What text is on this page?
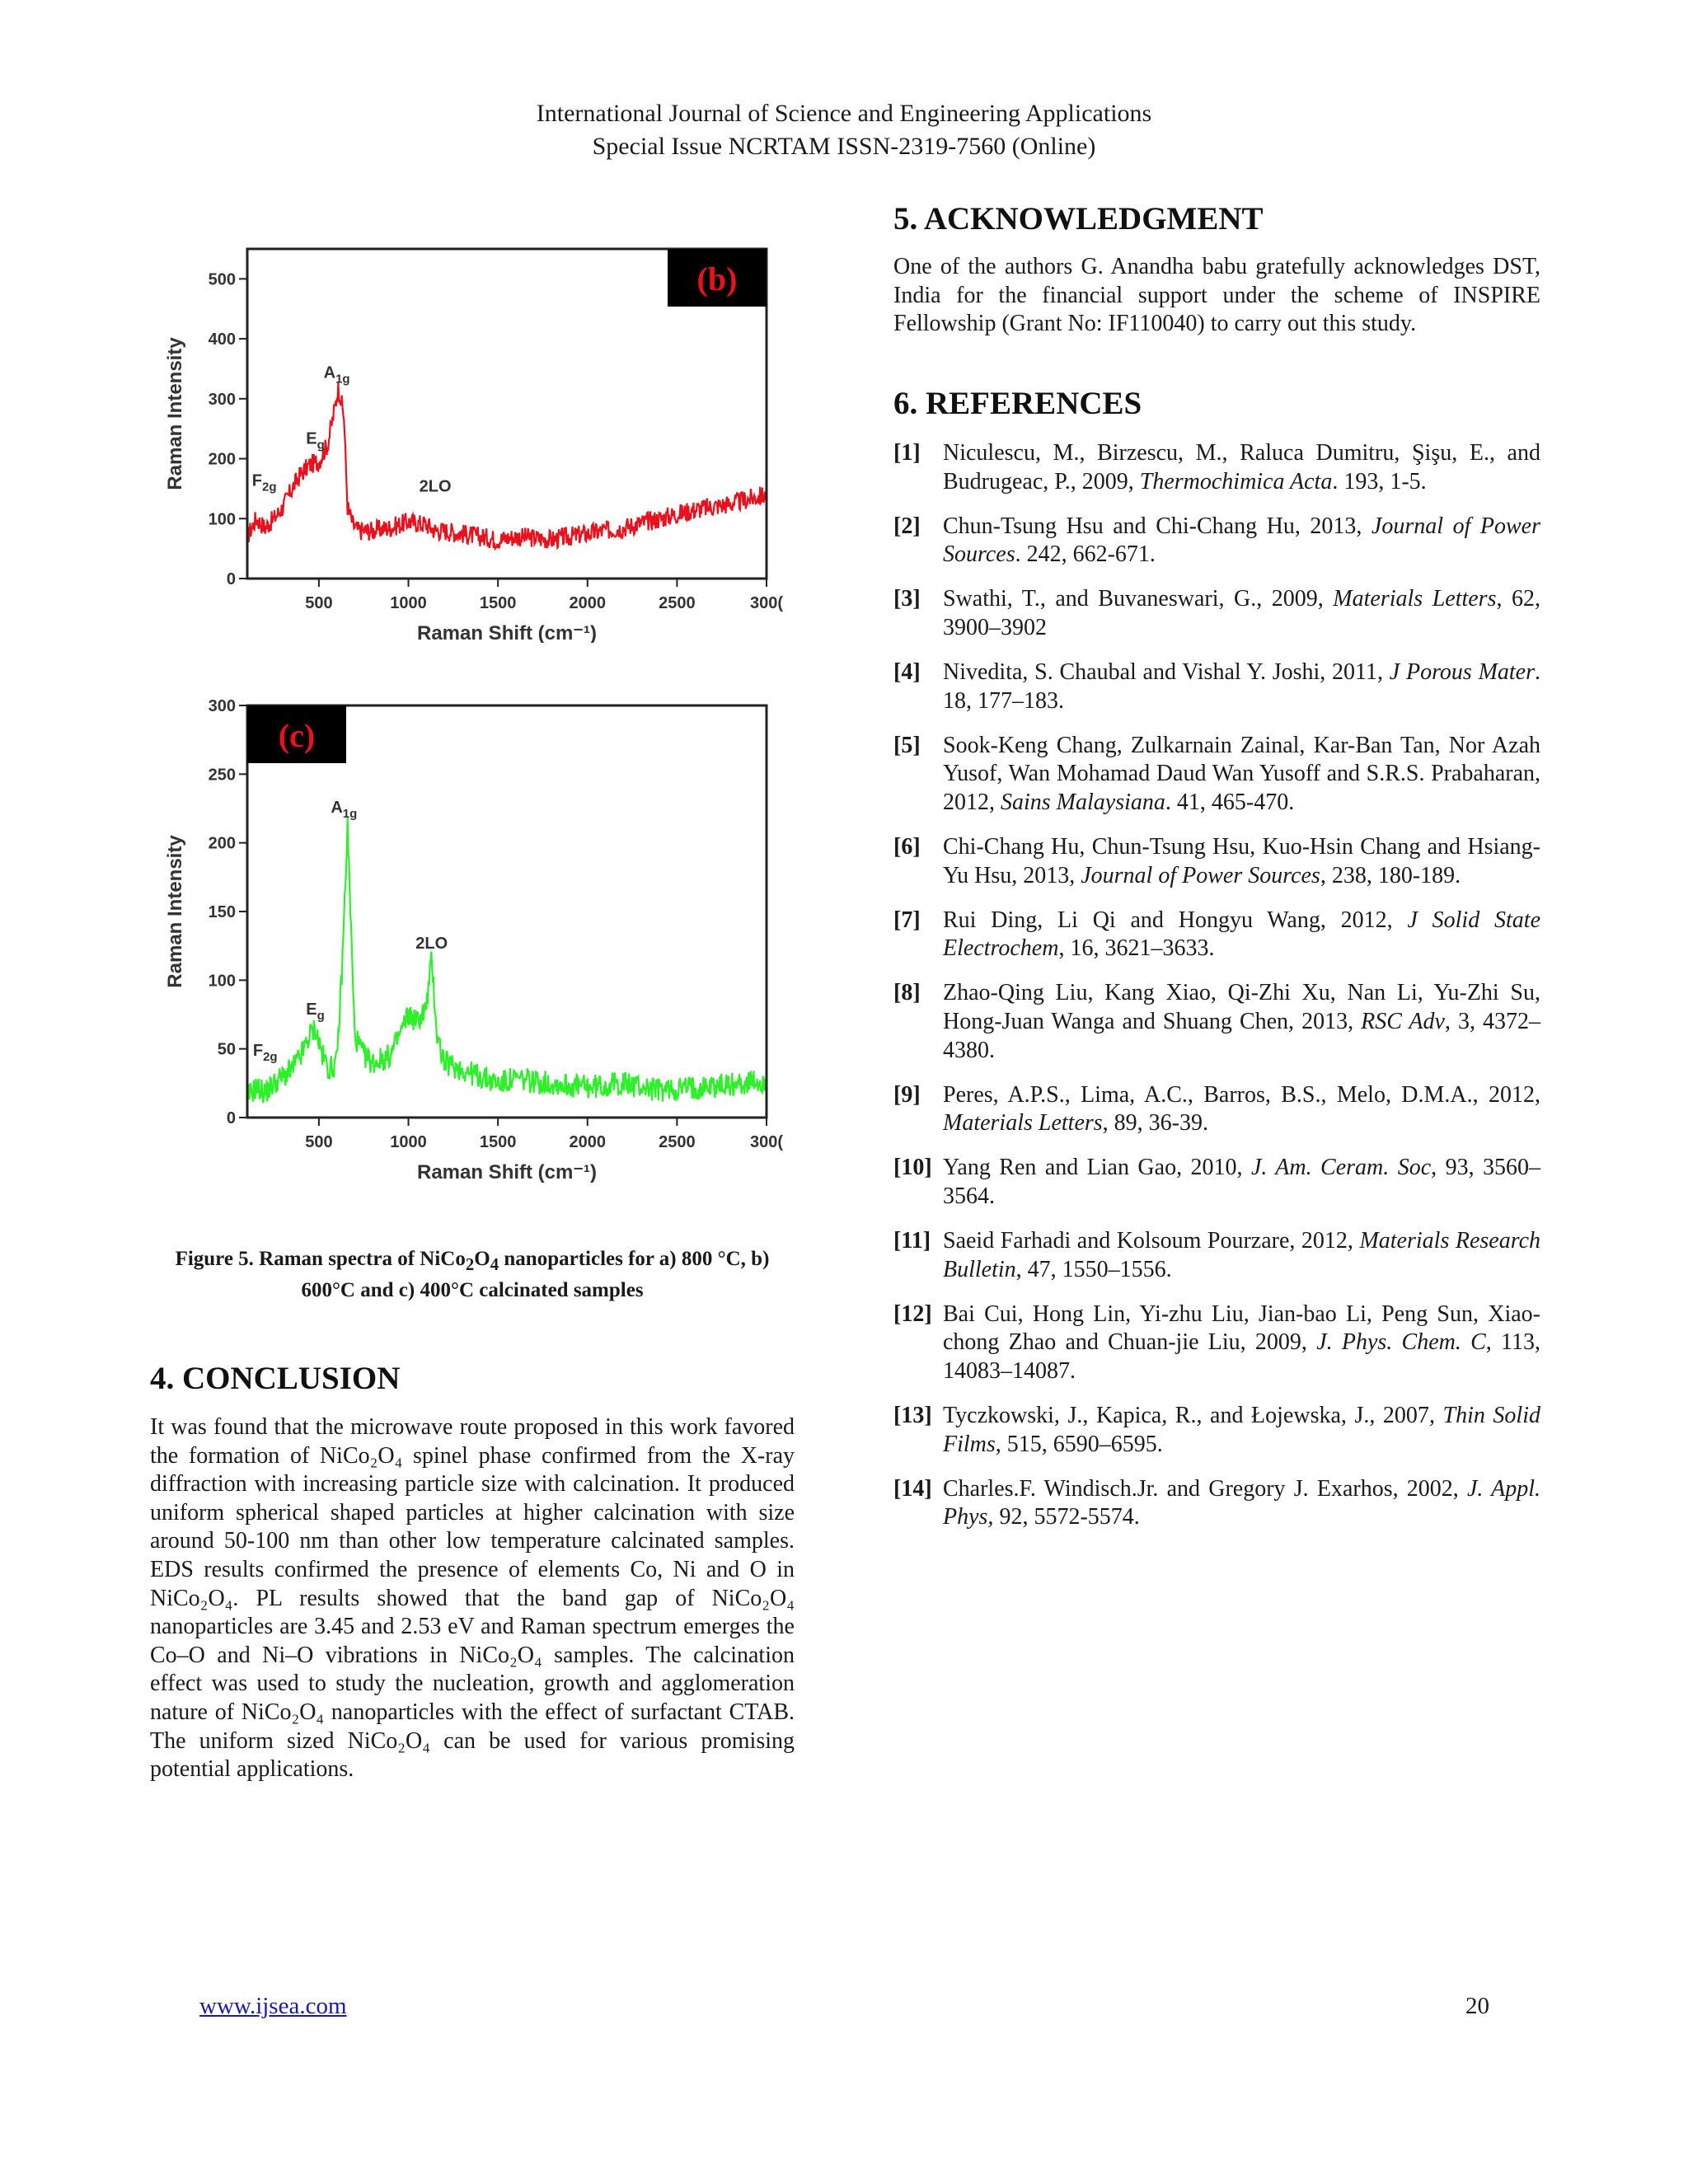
International Journal of Science and Engineering Applications
Special Issue NCRTAM ISSN-2319-7560 (Online)
Raman Intensity
(b)
0
100
200
300
400
500
500	1000	1500	2000	2500	300(
Raman Shift (cm⁻¹)
$F_{2g}$
$E_g$
$A_{1g}$
2LO
Raman Intensity
(c)
0
50
100
150
200
250
300
500	1000	1500	2000	2500	300(
Raman Shift (cm⁻¹)
$F_{2g}$
$E_g$
$A_{1g}$
2LO
Figure 5. Raman spectra of $NiCo_2O_4$ nanoparticles for a) 800 °C, b)
600°C and c) 400°C calcinated samples
4. CONCLUSION

It was found that the microwave route proposed in this work favored the formation of NiCo₂O₄ spinel phase confirmed from the X-ray diffraction with increasing particle size with calcination. It produced uniform spherical shaped particles at higher calcination with size around 50-100 nm than other low temperature calcinated samples. EDS results confirmed the presence of elements Co, Ni and O in NiCo₂O₄. PL results showed that the band gap of NiCo₂O₄ nanoparticles are 3.45 and 2.53 eV and Raman spectrum emerges the Co–O and Ni–O vibrations in NiCo₂O₄ samples. The calcination effect was used to study the nucleation, growth and agglomeration nature of NiCo₂O₄ nanoparticles with the effect of surfactant CTAB. The uniform sized NiCo₂O₄ can be used for various promising potential applications.

5. ACKNOWLEDGMENT

One of the authors G. Anandha babu gratefully acknowledges DST, India for the financial support under the scheme of INSPIRE Fellowship (Grant No: IF110040) to carry out this study.

6. REFERENCES
[1] Niculescu, M., Birzescu, M., Raluca Dumitru, Şişu, E., and Budrugeac, P., 2009, Thermochimica Acta. 193, 1-5.
[2] Chun-Tsung Hsu and Chi-Chang Hu, 2013, Journal of Power Sources. 242, 662-671.
[3] Swathi, T., and Buvaneswari, G., 2009, Materials Letters, 62, 3900–3902
[4] Nivedita, S. Chaubal and Vishal Y. Joshi, 2011, J Porous Mater. 18, 177–183.
[5] Sook-Keng Chang, Zulkarnain Zainal, Kar-Ban Tan, Nor Azah Yusof, Wan Mohamad Daud Wan Yusoff and S.R.S. Prabaharan, 2012, Sains Malaysiana. 41, 465-470.
[6] Chi-Chang Hu, Chun-Tsung Hsu, Kuo-Hsin Chang and Hsiang-Yu Hsu, 2013, Journal of Power Sources, 238, 180-189.
[7] Rui Ding, Li Qi and Hongyu Wang, 2012, J Solid State Electrochem, 16, 3621–3633.
[8] Zhao-Qing Liu, Kang Xiao, Qi-Zhi Xu, Nan Li, Yu-Zhi Su, Hong-Juan Wanga and Shuang Chen, 2013, RSC Adv, 3, 4372–4380.
[9] Peres, A.P.S., Lima, A.C., Barros, B.S., Melo, D.M.A., 2012, Materials Letters, 89, 36-39.
[10] Yang Ren and Lian Gao, 2010, J. Am. Ceram. Soc, 93, 3560–3564.
[11] Saeid Farhadi and Kolsoum Pourzare, 2012, Materials Research Bulletin, 47, 1550–1556.
[12] Bai Cui, Hong Lin, Yi-zhu Liu, Jian-bao Li, Peng Sun, Xiao-chong Zhao and Chuan-jie Liu, 2009, J. Phys. Chem. C, 113, 14083–14087.
[13] Tyczkowski, J., Kapica, R., and Łojewska, J., 2007, Thin Solid Films, 515, 6590–6595.
[14] Charles.F. Windisch.Jr. and Gregory J. Exarhos, 2002, J. Appl. Phys, 92, 5572-5574.
www.ijsea.com	20
